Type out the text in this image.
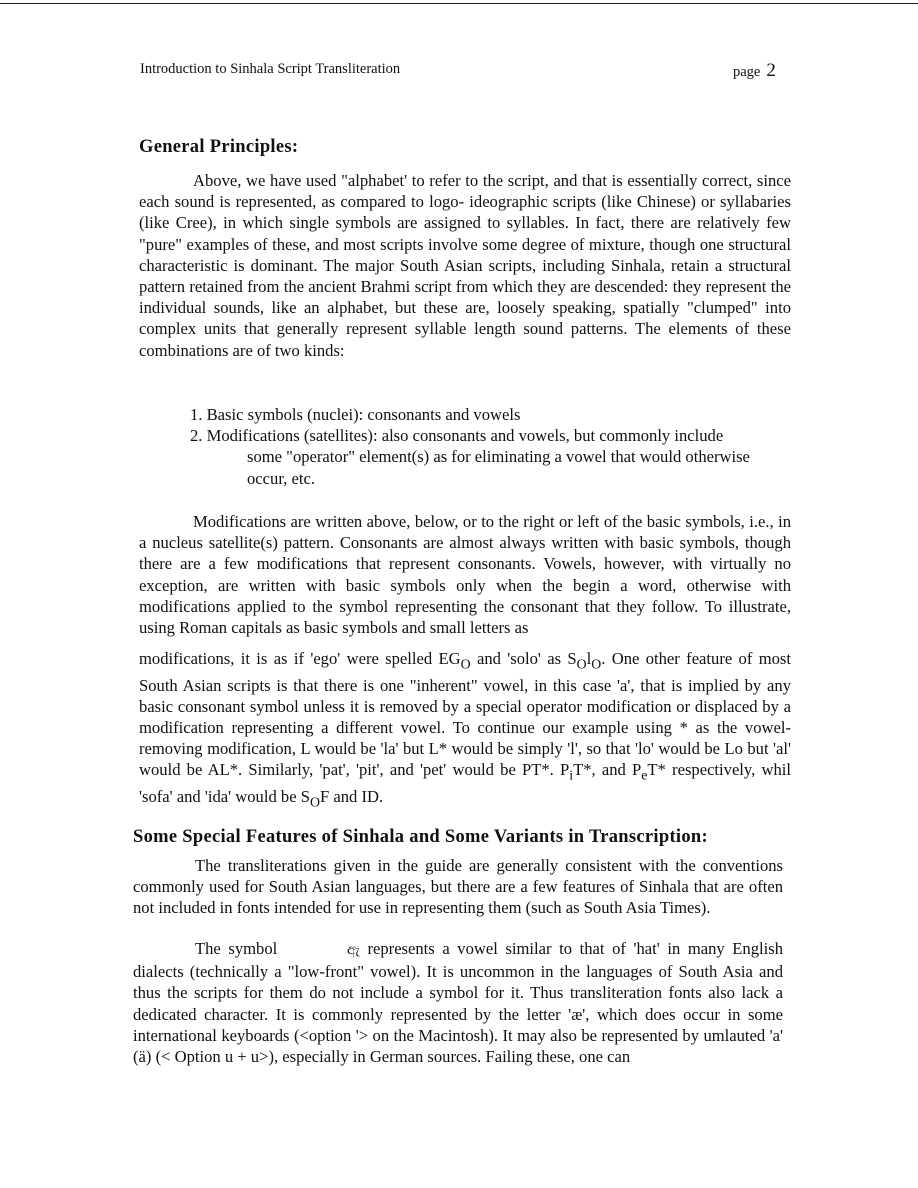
Introduction to Sinhala Script Transliteration	page 2
General Principles:

Above, we have used "alphabet' to refer to the script, and that is essentially correct, since each sound is represented, as compared to logo- ideographic scripts (like Chinese) or syllabaries (like Cree), in which single symbols are assigned to syllables. In fact, there are relatively few "pure" examples of these, and most scripts involve some degree of mixture, though one structural characteristic is dominant. The major South Asian scripts, including Sinhala, retain a structural pattern retained from the ancient Brahmi script from which they are descended: they represent the individual sounds, like an alphabet, but these are, loosely speaking, spatially "clumped" into complex units that generally represent syllable length sound patterns. The elements of these combinations are of two kinds:

1. Basic symbols (nuclei): consonants and vowels
2. Modifications (satellites): also consonants and vowels, but commonly include
some "operator" element(s) as for eliminating a vowel that would otherwise occur, etc.

Modifications are written above, below, or to the right or left of the basic symbols, i.e., in a nucleus satellite(s) pattern. Consonants are almost always written with basic symbols, though there are a few modifications that represent consonants. Vowels, however, with virtually no exception, are written with basic symbols only when the begin a word, otherwise with modifications applied to the symbol representing the consonant that they follow. To illustrate, using Roman capitals as basic symbols and small letters as

modifications, it is as if 'ego' were spelled $EG_O$ and 'solo' as $S_Ol_O$. One other feature of most South Asian scripts is that there is one "inherent" vowel, in this case 'a', that is implied by any basic consonant symbol unless it is removed by a special operator modification or displaced by a modification representing a different vowel. To continue our example using * as the vowel-removing modification, L would be 'la' but L* would be simply 'l', so that 'lo' would be Lo but 'al' would be AL*. Similarly, 'pat', 'pit', and 'pet' would be PT*. $P_iT*$, and $P_eT*$ respectively, whil 'sofa' and 'ida' would be $S_OF$ and ID.

Some Special Features of Sinhala and Some Variants in Transcription:

The transliterations given in the guide are generally consistent with the conventions commonly used for South Asian languages, but there are a few features of Sinhala that are often not included in fonts intended for use in representing them (such as South Asia Times).

The symbol	ඇ represents a vowel similar to that of 'hat' in many English dialects (technically a "low-front" vowel). It is uncommon in the languages of South Asia and thus the scripts for them do not include a symbol for it. Thus transliteration fonts also lack a dedicated character. It is commonly represented by the letter 'æ', which does occur in some international keyboards (<option '> on the Macintosh). It may also be represented by umlauted 'a' (ä) (< Option u + u>), especially in German sources. Failing these, one can
